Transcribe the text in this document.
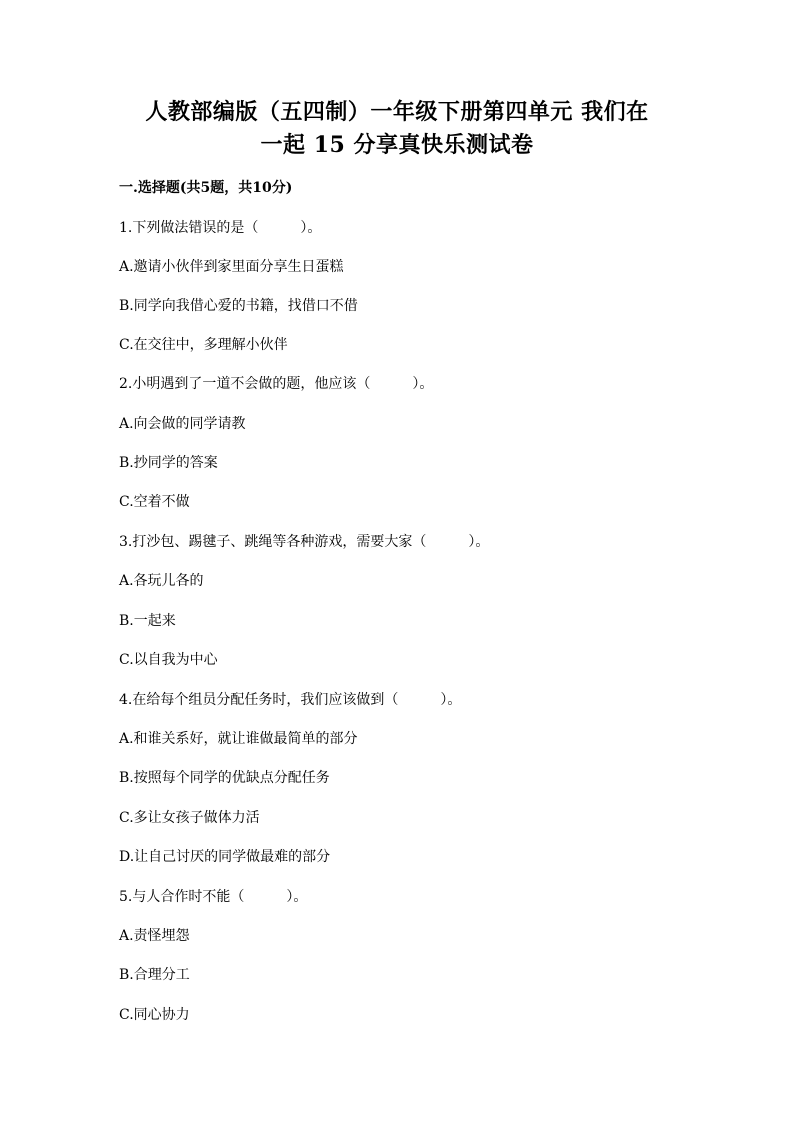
人教部编版（五四制）一年级下册第四单元 我们在
一起 15 分享真快乐测试卷
一.选择题(共5题，共10分)
1.下列做法错误的是（　　　）。
A.邀请小伙伴到家里面分享生日蛋糕
B.同学向我借心爱的书籍，找借口不借
C.在交往中，多理解小伙伴
2.小明遇到了一道不会做的题，他应该（　　　）。
A.向会做的同学请教
B.抄同学的答案
C.空着不做
3.打沙包、踢毽子、跳绳等各种游戏，需要大家（　　　）。
A.各玩儿各的
B.一起来
C.以自我为中心
4.在给每个组员分配任务时，我们应该做到（　　　）。
A.和谁关系好，就让谁做最简单的部分
B.按照每个同学的优缺点分配任务
C.多让女孩子做体力活
D.让自己讨厌的同学做最难的部分
5.与人合作时不能（　　　）。
A.责怪埋怨
B.合理分工
C.同心协力
